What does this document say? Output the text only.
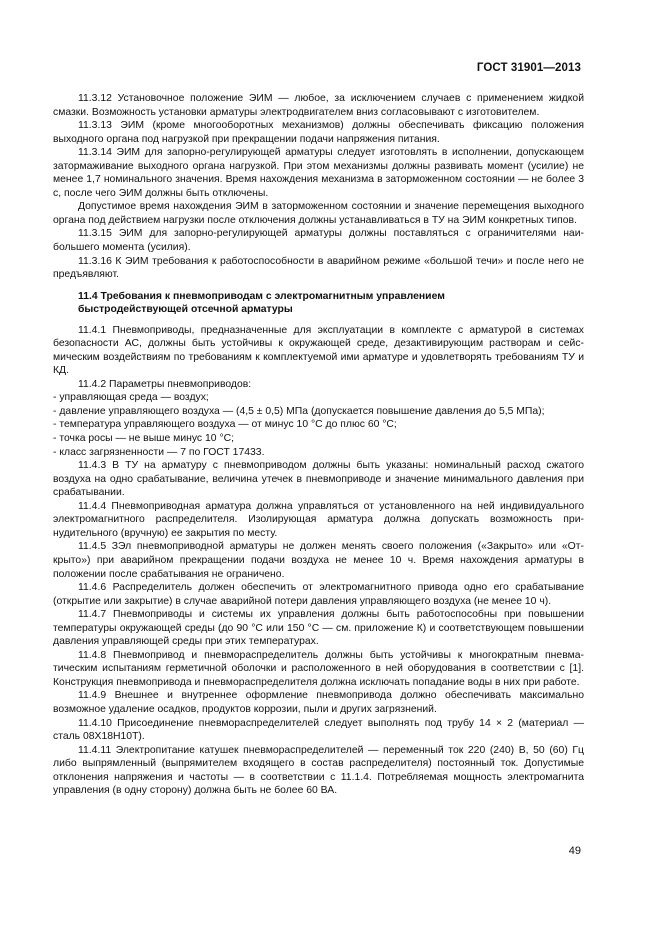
ГОСТ 31901—2013

11.3.12 Установочное положение ЭИМ — любое, за исключением случаев с применением жидкой смазки. Возможность установки арматуры электродвигателем вниз согласовывают с изготовителем.

11.3.13 ЭИМ (кроме многооборотных механизмов) должны обеспечивать фиксацию положения выходного органа под нагрузкой при прекращении подачи напряжения питания.

11.3.14 ЭИМ для запорно-регулирующей арматуры следует изготовлять в исполнении, допускающем затормаживание выходного органа нагрузкой. При этом механизмы должны развивать момент (усилие) не менее 1,7 номинального значения. Время нахождения механизма в заторможенном состоянии — не более 3 с, после чего ЭИМ должны быть отключены.

Допустимое время нахождения ЭИМ в заторможенном состоянии и значение перемещения выходного органа под действием нагрузки после отключения должны устанавливаться в ТУ на ЭИМ конкретных типов.

11.3.15 ЭИМ для запорно-регулирующей арматуры должны поставляться с ограничителями наибольшего момента (усилия).

11.3.16 К ЭИМ требования к работоспособности в аварийном режиме «большой течи» и после него не предъявляют.

11.4 Требования к пневмоприводам с электромагнитным управлением
быстродействующей отсечной арматуры

11.4.1 Пневмоприводы, предназначенные для эксплуатации в комплекте с арматурой в системах безопасности АС, должны быть устойчивы к окружающей среде, дезактивирующим растворам и сейсмическим воздействиям по требованиям к комплектуемой ими арматуре и удовлетворять требованиям ТУ и КД.

11.4.2 Параметры пневмоприводов:

- управляющая среда — воздух;

- давление управляющего воздуха — (4,5 ± 0,5) МПа (допускается повышение давления до 5,5 МПа);

- температура управляющего воздуха — от минус 10 °С до плюс 60 °С;

- точка росы — не выше минус 10 °С;

- класс загрязненности — 7 по ГОСТ 17433.

11.4.3 В ТУ на арматуру с пневмоприводом должны быть указаны: номинальный расход сжатого воздуха на одно срабатывание, величина утечек в пневмоприводе и значение минимального давления при срабатывании.

11.4.4 Пневмоприводная арматура должна управляться от установленного на ней индивидуального электромагнитного распределителя. Изолирующая арматура должна допускать возможность принудительного (вручную) ее закрытия по месту.

11.4.5 ЗЭл пневмоприводной арматуры не должен менять своего положения («Закрыто» или «Открыто») при аварийном прекращении подачи воздуха не менее 10 ч. Время нахождения арматуры в положении после срабатывания не ограничено.

11.4.6 Распределитель должен обеспечить от электромагнитного привода одно его срабатывание (открытие или закрытие) в случае аварийной потери давления управляющего воздуха (не менее 10 ч).

11.4.7 Пневмоприводы и системы их управления должны быть работоспособны при повышении температуры окружающей среды (до 90 °С или 150 °С — см. приложение К) и соответствующем повышении давления управляющей среды при этих температурах.

11.4.8 Пневмопривод и пневмораспределитель должны быть устойчивы к многократным пневматическим испытаниям герметичной оболочки и расположенного в ней оборудования в соответствии с [1]. Конструкция пневмопривода и пневмораспределителя должна исключать попадание воды в них при работе.

11.4.9 Внешнее и внутреннее оформление пневмопривода должно обеспечивать максимально возможное удаление осадков, продуктов коррозии, пыли и других загрязнений.

11.4.10 Присоединение пневмораспределителей следует выполнять под трубу 14 × 2 (материал — сталь 08Х18Н10Т).

11.4.11 Электропитание катушек пневмораспределителей — переменный ток 220 (240) В, 50 (60) Гц либо выпрямленный (выпрямителем входящего в состав распределителя) постоянный ток. Допустимые отклонения напряжения и частоты — в соответствии с 11.1.4. Потребляемая мощность электромагнита управления (в одну сторону) должна быть не более 60 ВА.

49
